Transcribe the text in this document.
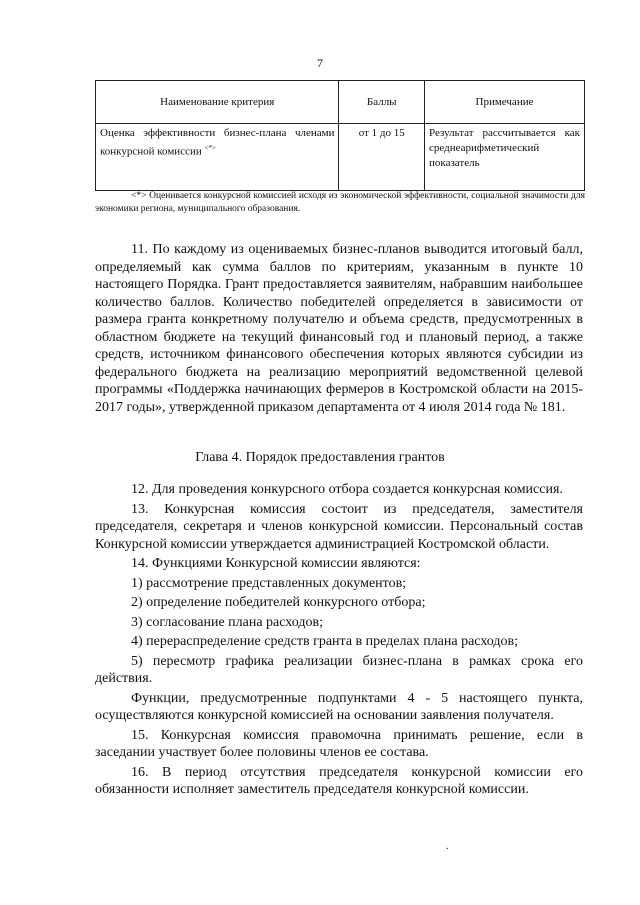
7
Наименование критерия	Баллы	Примечание
Оценка эффективности бизнес-плана членами конкурсной комиссии <*>	от 1 до 15	Результат рассчитывается как среднеарифметический показатель
<*> Оценивается конкурсной комиссией исходя из экономической эффективности, социальной значимости для экономики региона, муниципального образования.

11. По каждому из оцениваемых бизнес-планов выводится итоговый балл, определяемый как сумма баллов по критериям, указанным в пункте 10 настоящего Порядка. Грант предоставляется заявителям, набравшим наибольшее количество баллов. Количество победителей определяется в зависимости от размера гранта конкретному получателю и объема средств, предусмотренных в областном бюджете на текущий финансовый год и плановый период, а также средств, источником финансового обеспечения которых являются субсидии из федерального бюджета на реализацию мероприятий ведомственной целевой программы «Поддержка начинающих фермеров в Костромской области на 2015-2017 годы», утвержденной приказом департамента от 4 июля 2014 года № 181.

Глава 4. Порядок предоставления грантов

12. Для проведения конкурсного отбора создается конкурсная комиссия.

13. Конкурсная комиссия состоит из председателя, заместителя председателя, секретаря и членов конкурсной комиссии. Персональный состав Конкурсной комиссии утверждается администрацией Костромской области.

14. Функциями Конкурсной комиссии являются:

1) рассмотрение представленных документов;

2) определение победителей конкурсного отбора;

3) согласование плана расходов;

4) перераспределение средств гранта в пределах плана расходов;

5) пересмотр графика реализации бизнес-плана в рамках срока его действия.

Функции, предусмотренные подпунктами 4 - 5 настоящего пункта, осуществляются конкурсной комиссией на основании заявления получателя.

15. Конкурсная комиссия правомочна принимать решение, если в заседании участвует более половины членов ее состава.

16. В период отсутствия председателя конкурсной комиссии его обязанности исполняет заместитель председателя конкурсной комиссии.

.
